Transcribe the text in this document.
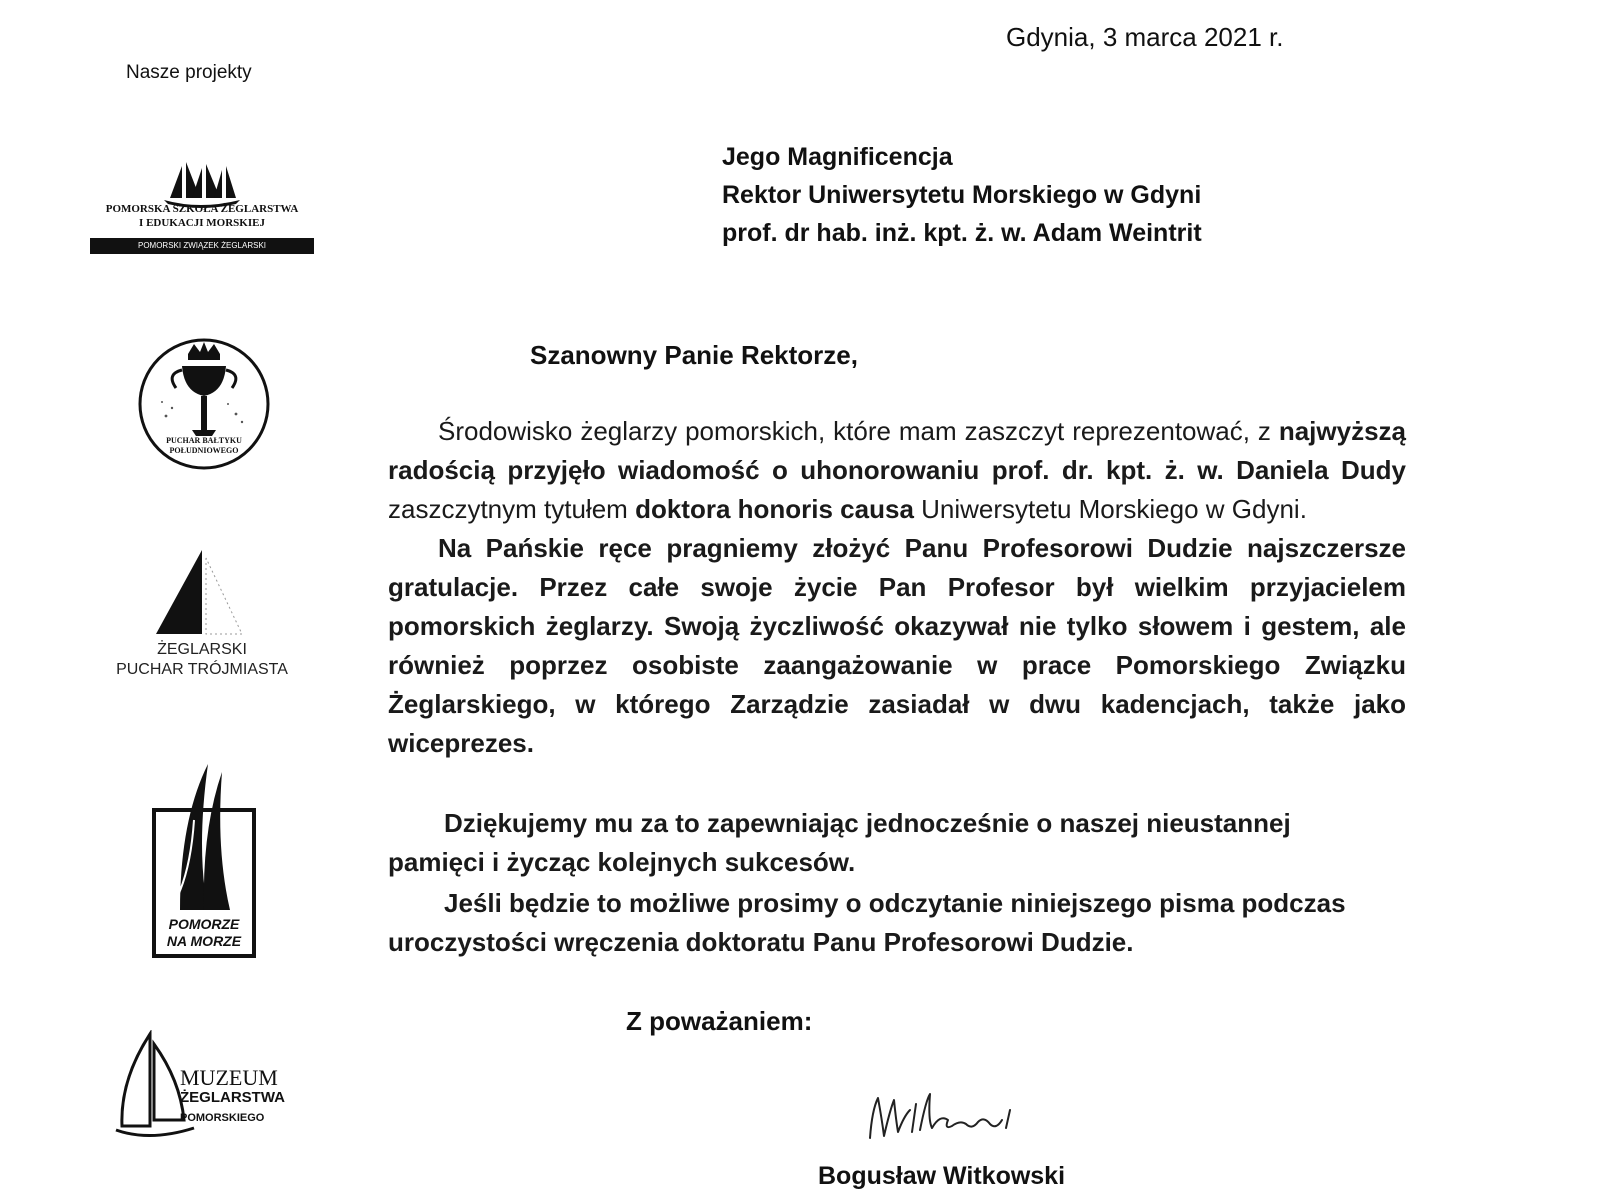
Gdynia, 3 marca 2021 r.
Nasze projekty
POMORSKA SZKOŁA ŻEGLARSTWA
I EDUKACJI MORSKIEJ
POMORSKI ZWIĄZEK ŻEGLARSKI
PUCHAR BAŁTYKU
POŁUDNIOWEGO
ŻEGLARSKI
PUCHAR TRÓJMIASTA
POMORZE
NA MORZE
MUZEUM
ŻEGLARSTWA
POMORSKIEGO
Jego Magnificencja
Rektor Uniwersytetu Morskiego w Gdyni
prof. dr hab. inż. kpt. ż. w. Adam Weintrit
Szanowny Panie Rektorze,

Środowisko żeglarzy pomorskich, które mam zaszczyt reprezentować, z najwyższą radością przyjęło wiadomość o uhonorowaniu prof. dr. kpt. ż. w. Daniela Dudy zaszczytnym tytułem doktora honoris causa Uniwersytetu Morskiego w Gdyni.

Na Pańskie ręce pragniemy złożyć Panu Profesorowi Dudzie najszczersze gratulacje. Przez całe swoje życie Pan Profesor był wielkim przyjacielem pomorskich żeglarzy. Swoją życzliwość okazywał nie tylko słowem i gestem, ale również poprzez osobiste zaangażowanie w prace Pomorskiego Związku Żeglarskiego, w którego Zarządzie zasiadał w dwu kadencjach, także jako wiceprezes.

Dziękujemy mu za to zapewniając jednocześnie o naszej nieustannej
pamięci i życząc kolejnych sukcesów.
Jeśli będzie to możliwe prosimy o odczytanie niniejszego pisma podczas
uroczystości wręczenia doktoratu Panu Profesorowi Dudzie.
Z poważaniem:
Bogusław Witkowski
